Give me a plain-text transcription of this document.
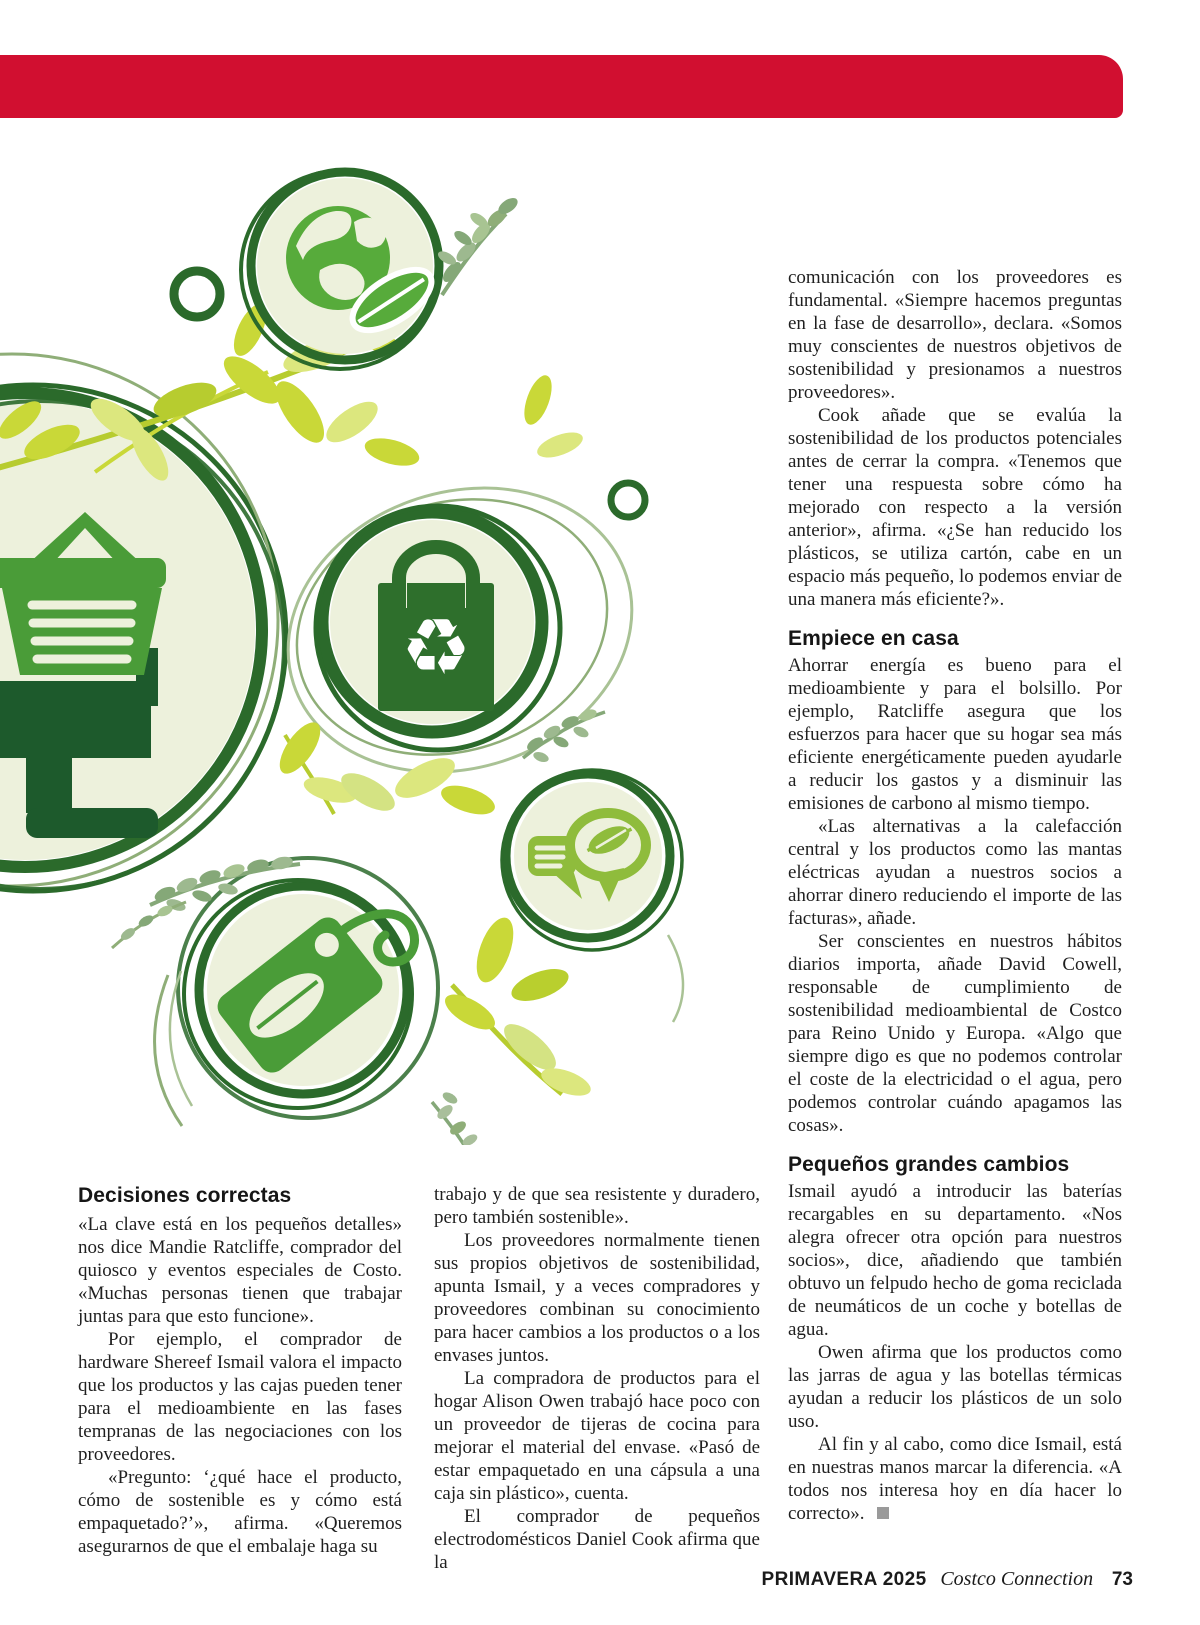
♻

comunicación con los proveedores es fundamental. «Siempre hacemos preguntas en la fase de desarrollo», declara. «Somos muy conscientes de nuestros objetivos de sostenibilidad y presionamos a nuestros proveedores».

Cook añade que se evalúa la sostenibilidad de los productos potenciales antes de cerrar la compra. «Tenemos que tener una respuesta sobre cómo ha mejorado con respecto a la versión anterior», afirma. «¿Se han reducido los plásticos, se utiliza cartón, cabe en un espacio más pequeño, lo podemos enviar de una manera más eficiente?».

Empiece en casa

Ahorrar energía es bueno para el medioambiente y para el bolsillo. Por ejemplo, Ratcliffe asegura que los esfuerzos para hacer que su hogar sea más eficiente energéticamente pueden ayudarle a reducir los gastos y a disminuir las emisiones de carbono al mismo tiempo.

«Las alternativas a la calefacción central y los productos como las mantas eléctricas ayudan a nuestros socios a ahorrar dinero reduciendo el importe de las facturas», añade.

Ser conscientes en nuestros hábitos diarios importa, añade David Cowell, responsable de cumplimiento de sostenibilidad medioambiental de Costco para Reino Unido y Europa. «Algo que siempre digo es que no podemos controlar el coste de la electricidad o el agua, pero podemos controlar cuándo apagamos las cosas».

Pequeños grandes cambios

Ismail ayudó a introducir las baterías recargables en su departamento. «Nos alegra ofrecer otra opción para nuestros socios», dice, añadiendo que también obtuvo un felpudo hecho de goma reciclada de neumáticos de un coche y botellas de agua.

Owen afirma que los productos como las jarras de agua y las botellas térmicas ayudan a reducir los plásticos de un solo uso.

Al fin y al cabo, como dice Ismail, está en nuestras manos marcar la diferencia. «A todos nos interesa hoy en día hacer lo correcto».

Decisiones correctas

«La clave está en los pequeños detalles» nos dice Mandie Ratcliffe, comprador del quiosco y eventos especiales de Costo. «Muchas personas tienen que trabajar juntas para que esto funcione».

Por ejemplo, el comprador de hardware Shereef Ismail valora el impacto que los productos y las cajas pueden tener para el medioambiente en las fases tempranas de las negociaciones con los proveedores.

«Pregunto: ‘¿qué hace el producto, cómo de sostenible es y cómo está empaquetado?’», afirma. «Queremos asegurarnos de que el embalaje haga su

trabajo y de que sea resistente y duradero, pero también sostenible».

Los proveedores normalmente tienen sus propios objetivos de sostenibilidad, apunta Ismail, y a veces compradores y proveedores combinan su conocimiento para hacer cambios a los productos o a los envases juntos.

La compradora de productos para el hogar Alison Owen trabajó hace poco con un proveedor de tijeras de cocina para mejorar el material del envase. «Pasó de estar empaquetado en una cápsula a una caja sin plástico», cuenta.

El comprador de pequeños electrodomésticos Daniel Cook afirma que la

PRIMAVERA 2025 Costco Connection 73
